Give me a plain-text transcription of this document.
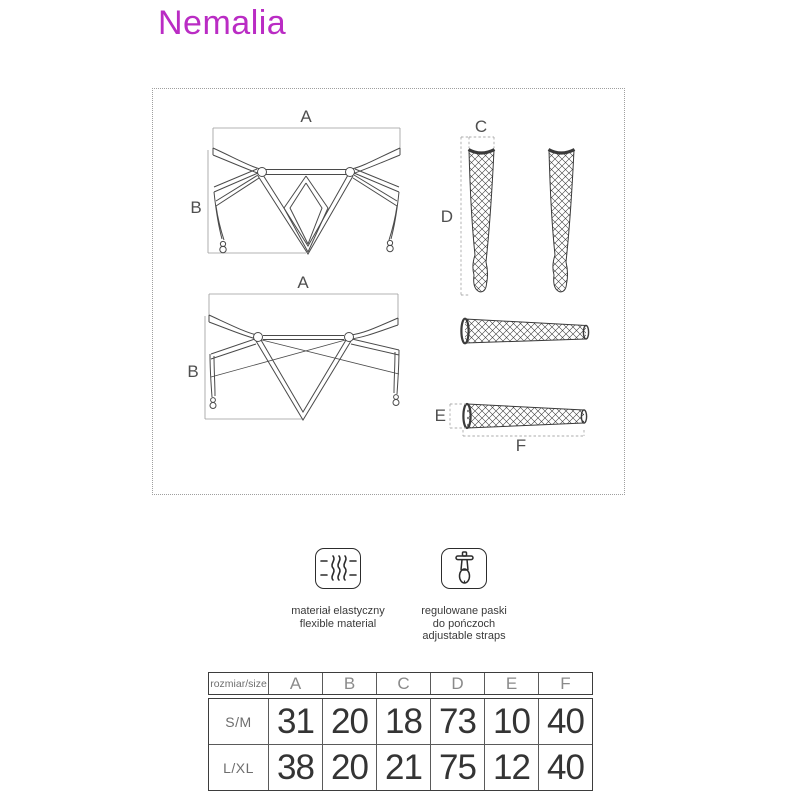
Nemalia
A
B
A
B
C
D
E
F
materiał elastyczny
flexible material
regulowane paski
do pończoch
adjustable straps
rozmiar/size	A	B	C	D	E	F
S/M 31 20 18 73 10 40
L/XL 38 20 21 75 12 40
